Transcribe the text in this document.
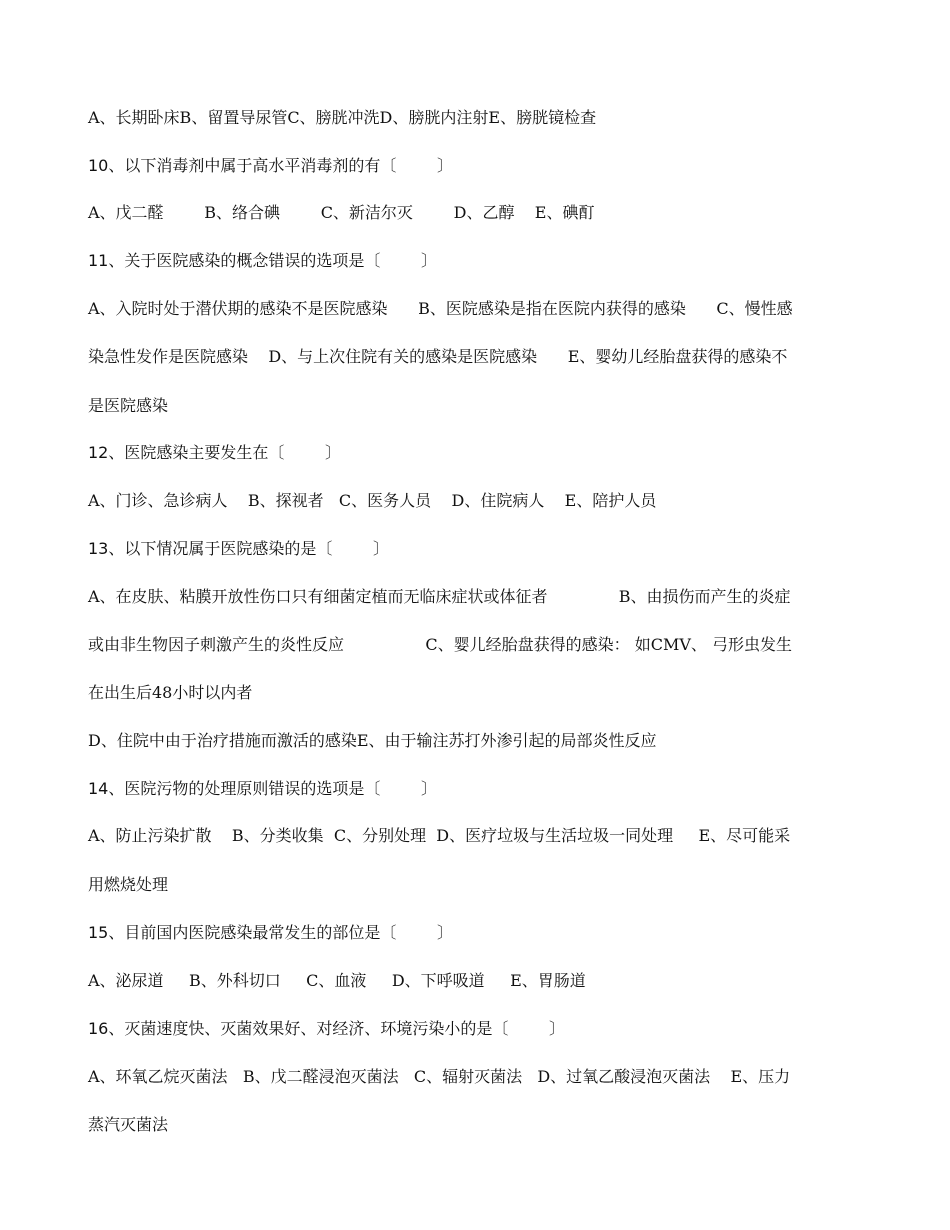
A、长期卧床B、留置导尿管C、膀胱冲洗D、膀胱内注射E、膀胱镜检查
10、以下消毒剂中属于高水平消毒剂的有〔        〕
A、戊二醛        B、络合碘        C、新洁尔灭        D、乙醇    E、碘酊
11、关于医院感染的概念错误的选项是〔        〕
A、入院时处于潜伏期的感染不是医院感染      B、医院感染是指在医院内获得的感染      C、慢性感
染急性发作是医院感染    D、与上次住院有关的感染是医院感染      E、婴幼儿经胎盘获得的感染不
是医院感染
12、医院感染主要发生在〔        〕
A、门诊、急诊病人    B、探视者   C、医务人员    D、住院病人    E、陪护人员
13、以下情况属于医院感染的是〔        〕
A、在皮肤、粘膜开放性伤口只有细菌定植而无临床症状或体征者              B、由损伤而产生的炎症
或由非生物因子刺激产生的炎性反应                C、婴儿经胎盘获得的感染： 如CMV、 弓形虫发生
在出生后48小时以内者
D、住院中由于治疗措施而激活的感染E、由于输注苏打外渗引起的局部炎性反应
14、医院污物的处理原则错误的选项是〔        〕
A、防止污染扩散    B、分类收集  C、分别处理  D、医疗垃圾与生活垃圾一同处理     E、尽可能采
用燃烧处理
15、目前国内医院感染最常发生的部位是〔        〕
A、泌尿道     B、外科切口     C、血液     D、下呼吸道     E、胃肠道
16、灭菌速度快、灭菌效果好、对经济、环境污染小的是〔        〕
A、环氧乙烷灭菌法   B、戊二醛浸泡灭菌法   C、辐射灭菌法   D、过氧乙酸浸泡灭菌法    E、压力
蒸汽灭菌法
